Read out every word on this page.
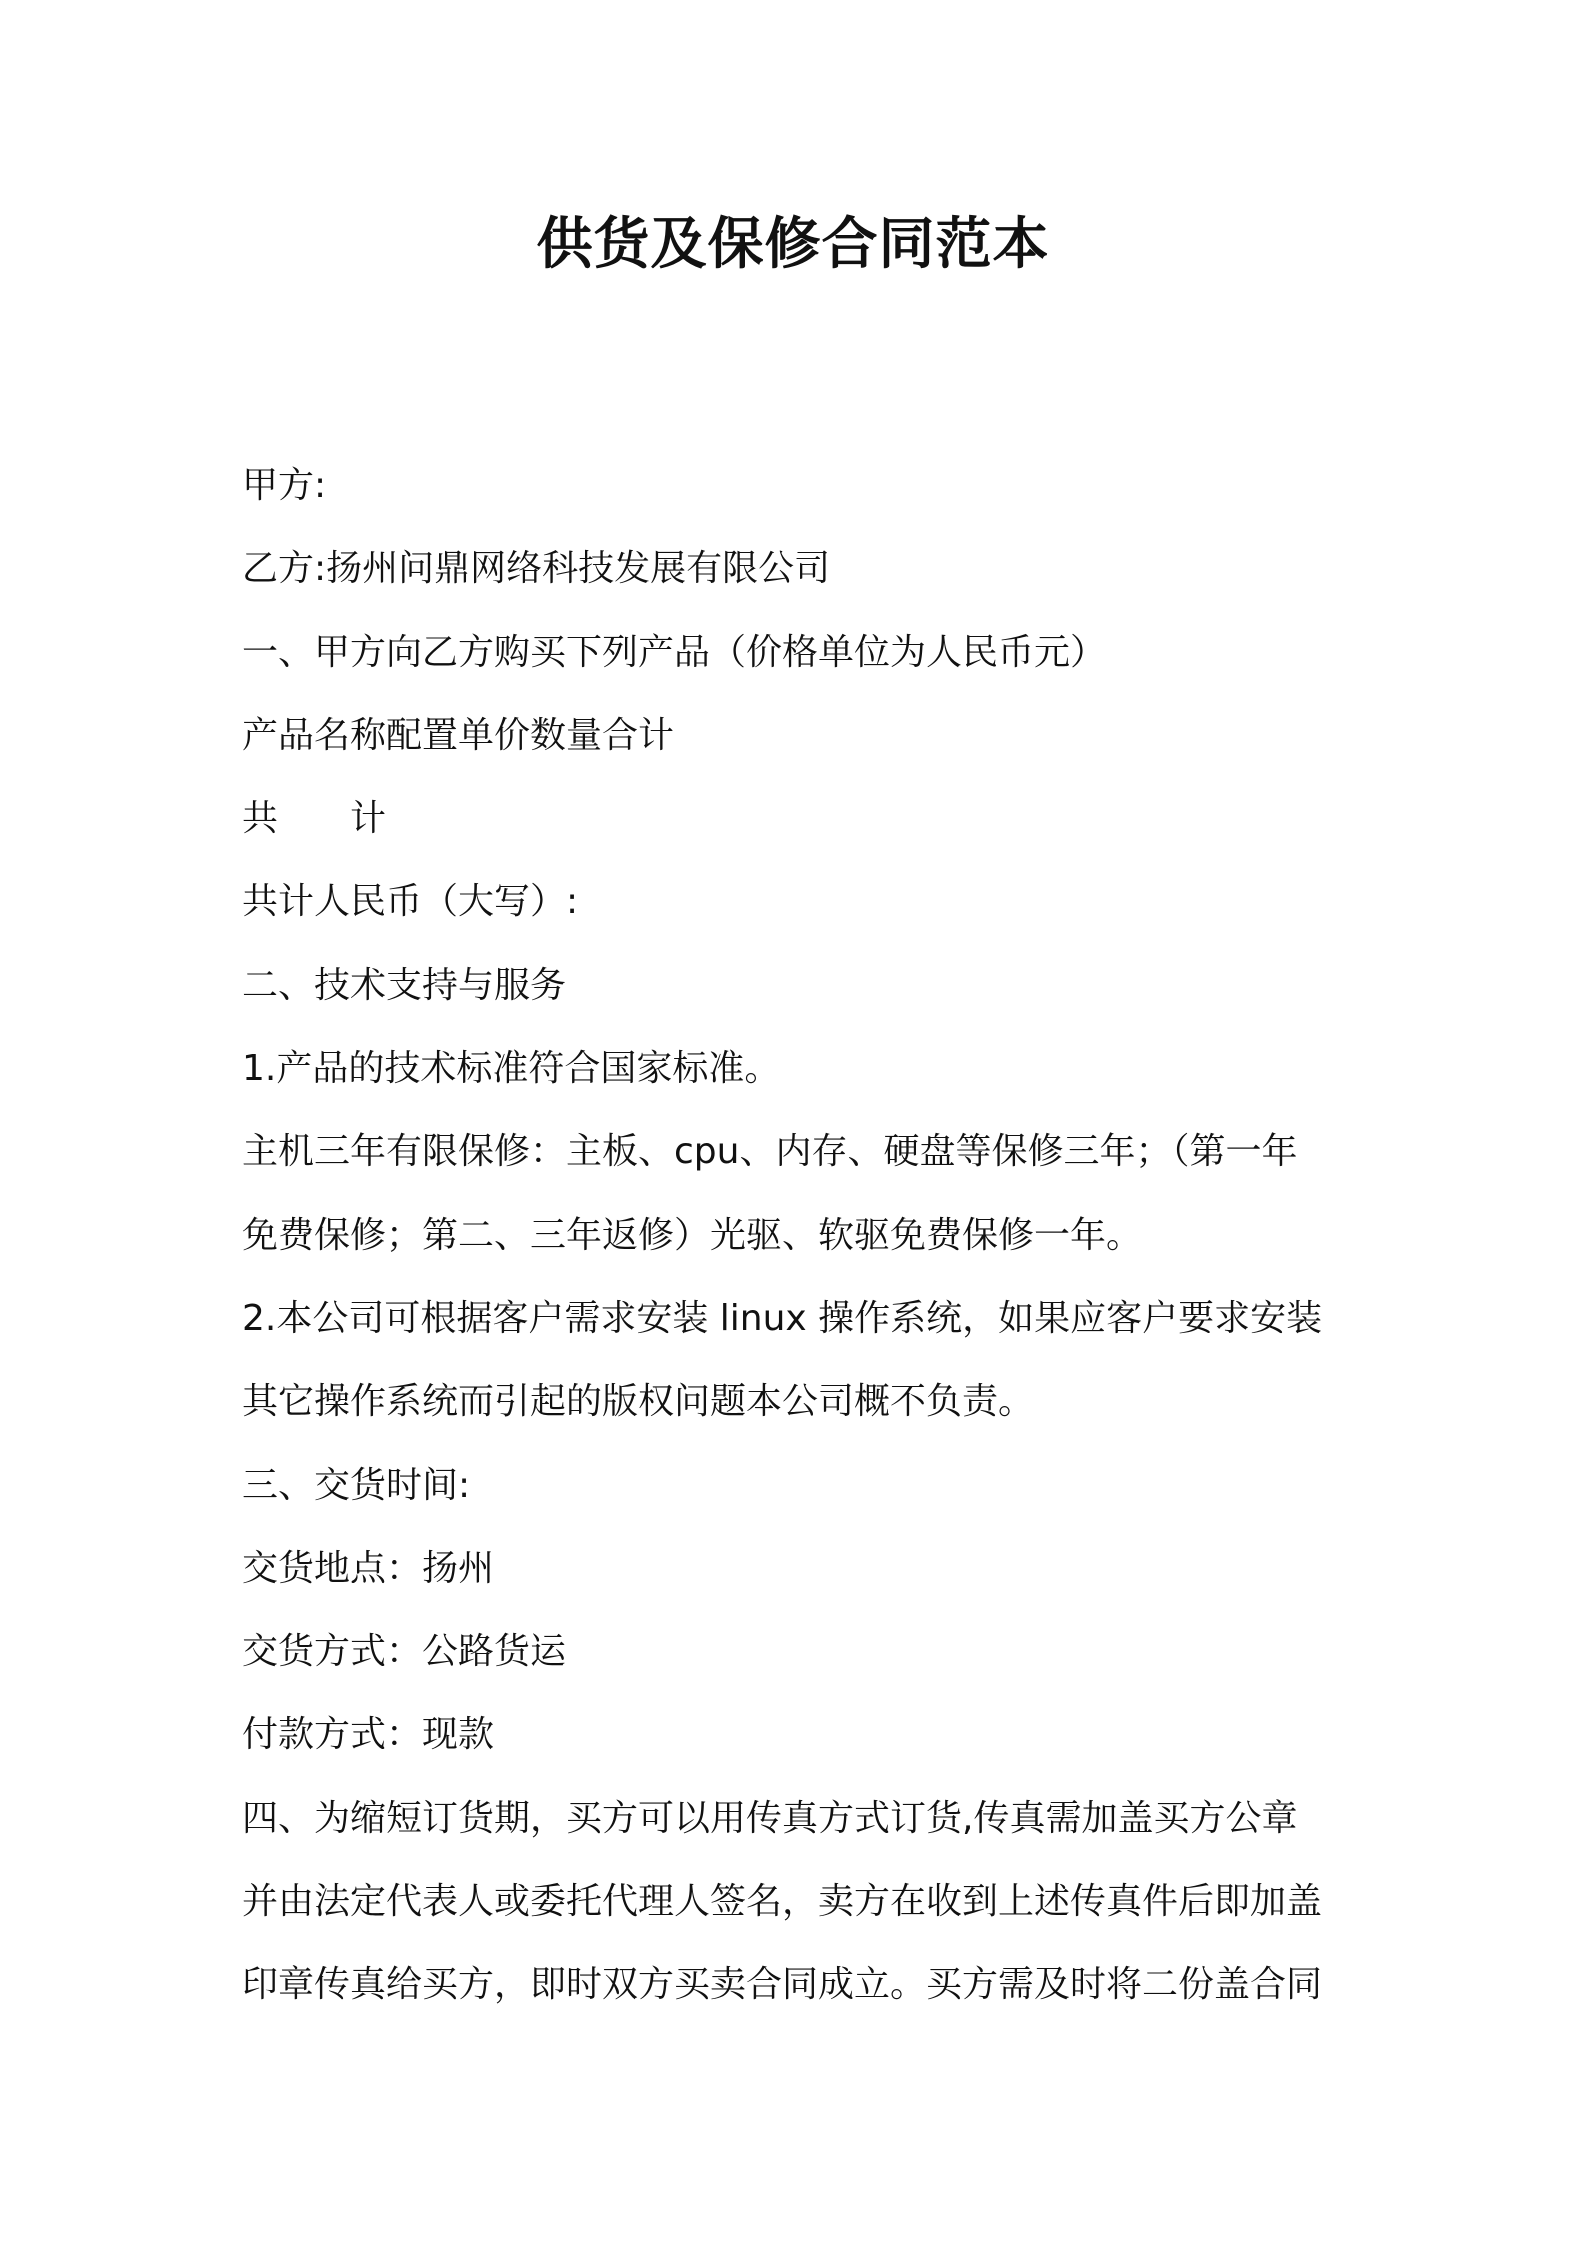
供货及保修合同范本
甲方:
乙方:扬州问鼎网络科技发展有限公司
一、甲方向乙方购买下列产品（价格单位为人民币元）
产品名称配置单价数量合计
共 计
共计人民币（大写）:
二、技术支持与服务
1.产品的技术标准符合国家标准。
主机三年有限保修：主板、cpu、内存、硬盘等保修三年；（第一年
免费保修；第二、三年返修）光驱、软驱免费保修一年。
2.本公司可根据客户需求安装 linux 操作系统，如果应客户要求安装
其它操作系统而引起的版权问题本公司概不负责。
三、交货时间:
交货地点：扬州
交货方式：公路货运
付款方式：现款
四、为缩短订货期，买方可以用传真方式订货,传真需加盖买方公章
并由法定代表人或委托代理人签名，卖方在收到上述传真件后即加盖
印章传真给买方，即时双方买卖合同成立。买方需及时将二份盖合同
